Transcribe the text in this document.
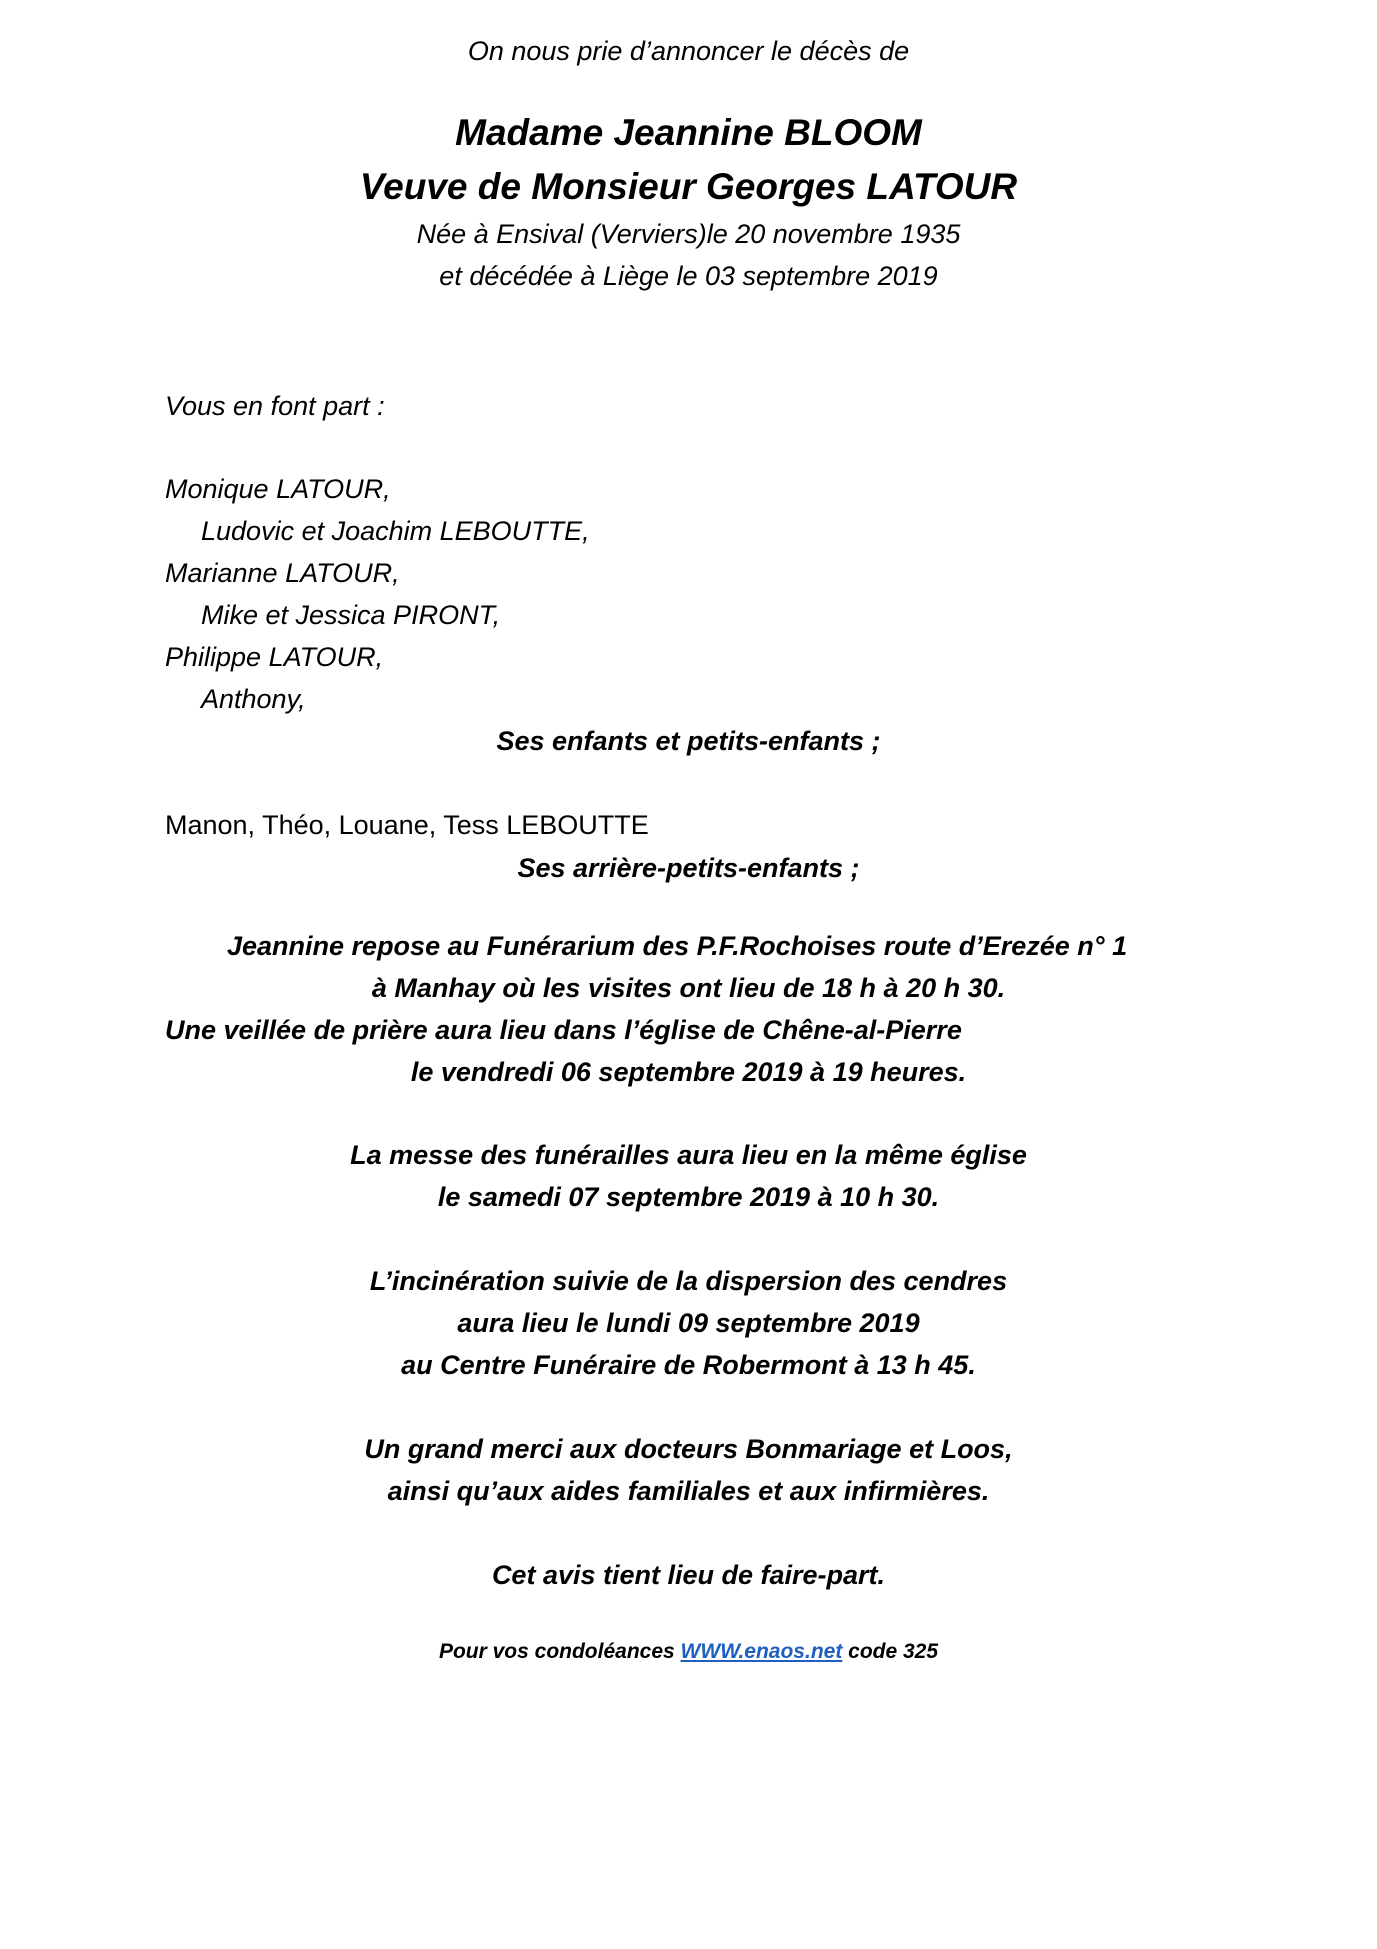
On nous prie d’annoncer le décès de
Madame Jeannine BLOOM
Veuve de Monsieur Georges LATOUR
Née à Ensival (Verviers)le 20 novembre 1935
et décédée à Liège le 03 septembre 2019
Vous en font part :
Monique LATOUR,
Ludovic et Joachim LEBOUTTE,
Marianne LATOUR,
Mike et Jessica PIRONT,
Philippe LATOUR,
Anthony,
Ses enfants et petits-enfants ;
Manon, Théo, Louane, Tess LEBOUTTE
Ses arrière-petits-enfants ;
Jeannine repose au Funérarium des P.F.Rochoises route d’Erezée n° 1
à Manhay où les visites ont lieu de 18 h à 20 h 30.
Une veillée de prière aura lieu dans l’église de Chêne-al-Pierre
le vendredi 06 septembre 2019 à 19 heures.
La messe des funérailles aura lieu en la même église
le samedi 07 septembre 2019 à 10 h 30.
L’incinération suivie de la dispersion des cendres
aura lieu le lundi 09 septembre 2019
au Centre Funéraire de Robermont à 13 h 45.
Un grand merci aux docteurs Bonmariage et Loos,
ainsi qu’aux aides familiales et aux infirmières.
Cet avis tient lieu de faire-part.
Pour vos condoléances WWW.enaos.net code 325
